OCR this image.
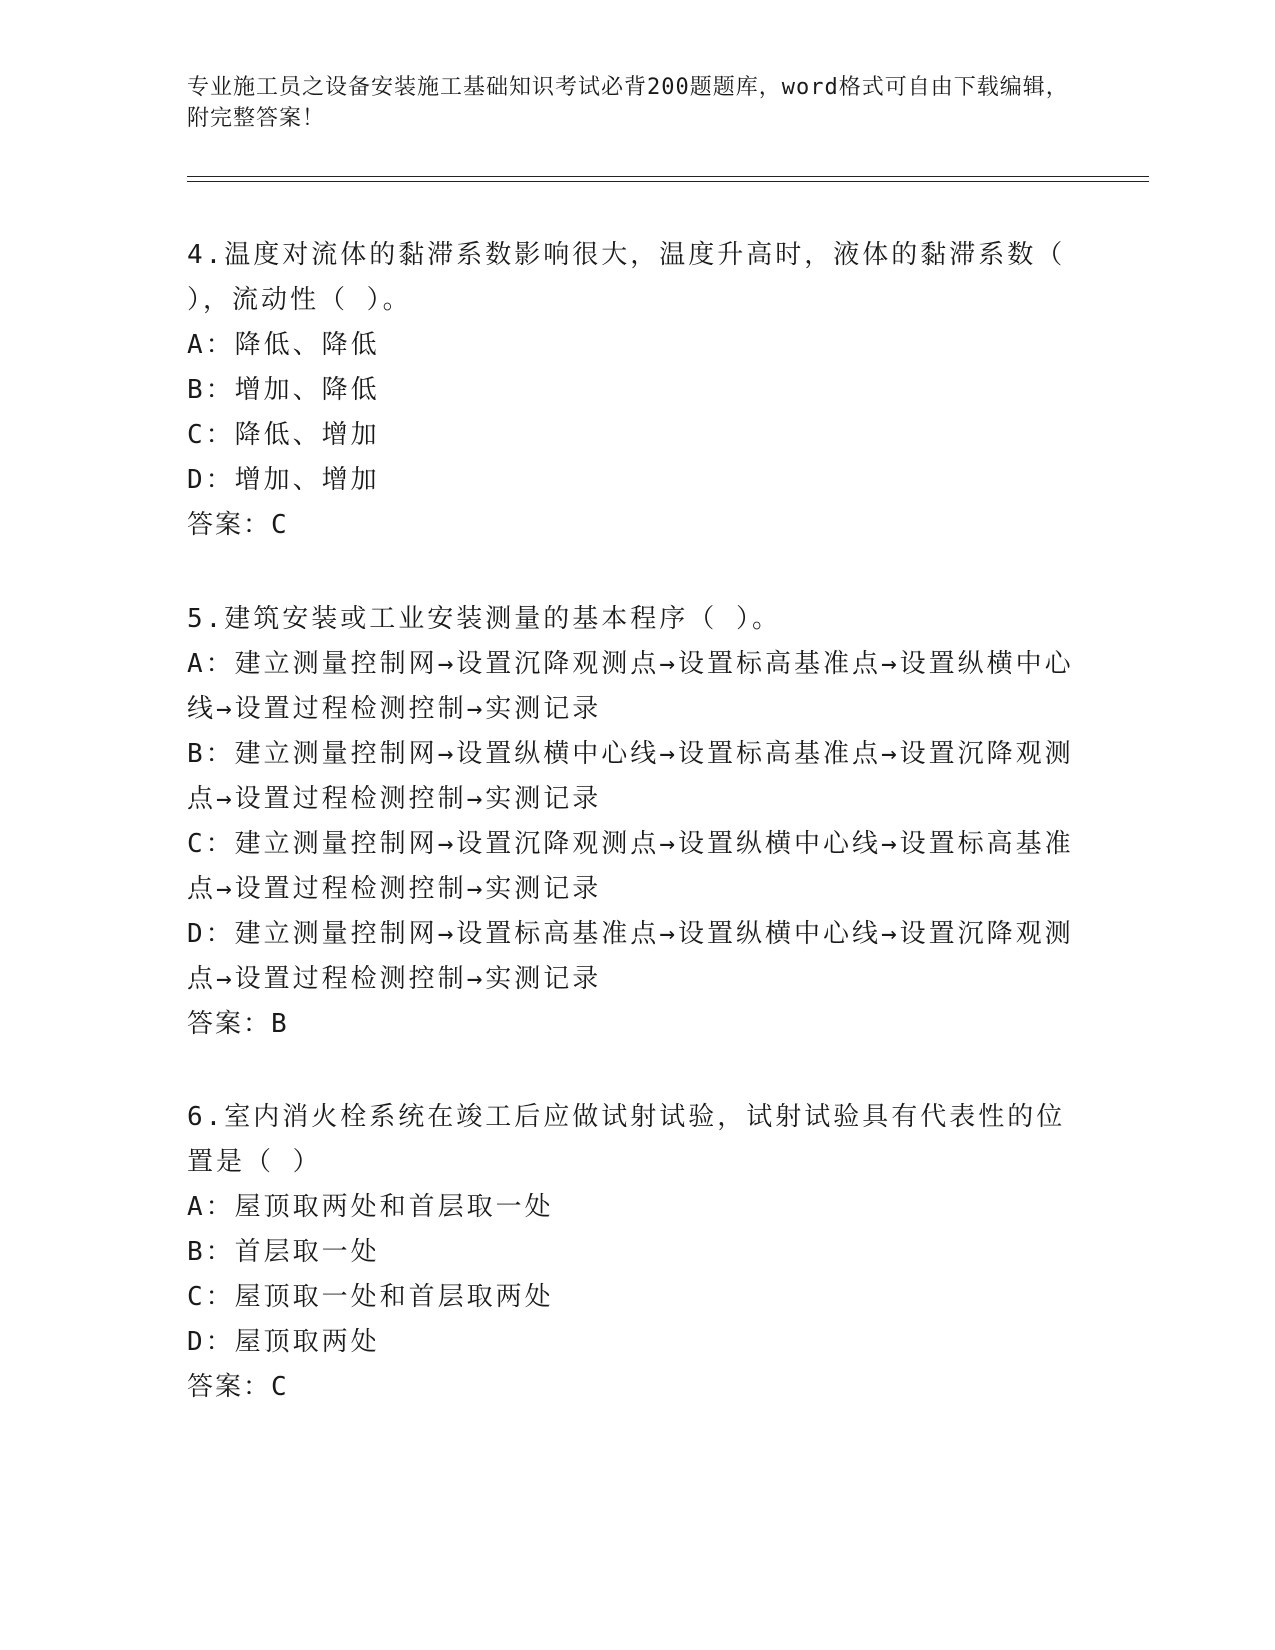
专业施工员之设备安装施工基础知识考试必背200题题库，word格式可自由下载编辑，附完整答案！
4.温度对流体的黏滞系数影响很大，温度升高时，液体的黏滞系数（ ），流动性（ ）。
A：降低、降低
B：增加、降低
C：降低、增加
D：增加、增加
答案：C
5.建筑安装或工业安装测量的基本程序（ ）。
A：建立测量控制网→设置沉降观测点→设置标高基准点→设置纵横中心线→设置过程检测控制→实测记录
B：建立测量控制网→设置纵横中心线→设置标高基准点→设置沉降观测点→设置过程检测控制→实测记录
C：建立测量控制网→设置沉降观测点→设置纵横中心线→设置标高基准点→设置过程检测控制→实测记录
D：建立测量控制网→设置标高基准点→设置纵横中心线→设置沉降观测点→设置过程检测控制→实测记录
答案：B
6.室内消火栓系统在竣工后应做试射试验，试射试验具有代表性的位置是（ ）
A：屋顶取两处和首层取一处
B：首层取一处
C：屋顶取一处和首层取两处
D：屋顶取两处
答案：C
